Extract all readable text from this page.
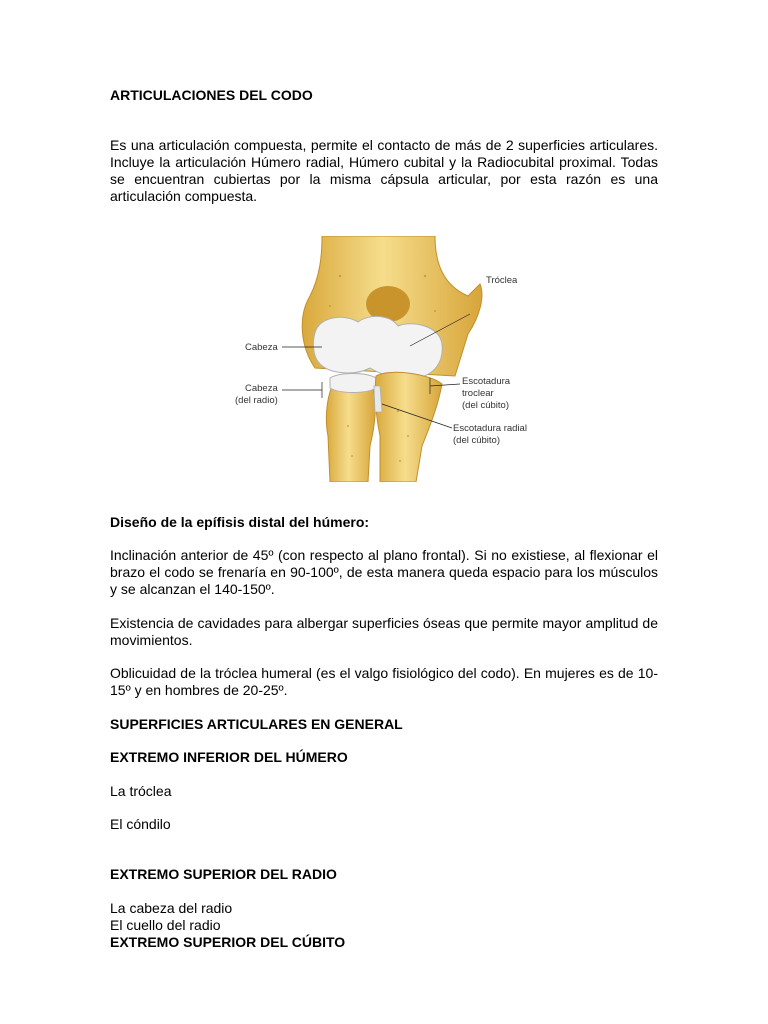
ARTICULACIONES DEL CODO

Es una articulación compuesta, permite el contacto de más de 2 superficies articulares. Incluye la articulación Húmero radial, Húmero cubital y la Radiocubital proximal. Todas se encuentran cubiertas por la misma cápsula articular, por esta razón es una articulación compuesta.

Tróclea
Cabeza
Cabeza
(del radio)
Escotadura
troclear
(del cúbito)
Escotadura radial
(del cúbito)
Diseño de la epífisis distal del húmero:

Inclinación anterior de 45º (con respecto al plano frontal). Si no existiese, al flexionar el brazo el codo se frenaría en 90-100º, de esta manera queda espacio para los músculos y se alcanzan el 140-150º.

Existencia de cavidades para albergar superficies óseas que permite mayor amplitud de movimientos.

Oblicuidad de la tróclea humeral (es el valgo fisiológico del codo). En mujeres es de 10-15º y en hombres de 20-25º.

SUPERFICIES ARTICULARES EN GENERAL
EXTREMO INFERIOR DEL HÚMERO
La tróclea
El cóndilo
EXTREMO SUPERIOR DEL RADIO
La cabeza del radio
El cuello del radio
EXTREMO SUPERIOR DEL CÚBITO
